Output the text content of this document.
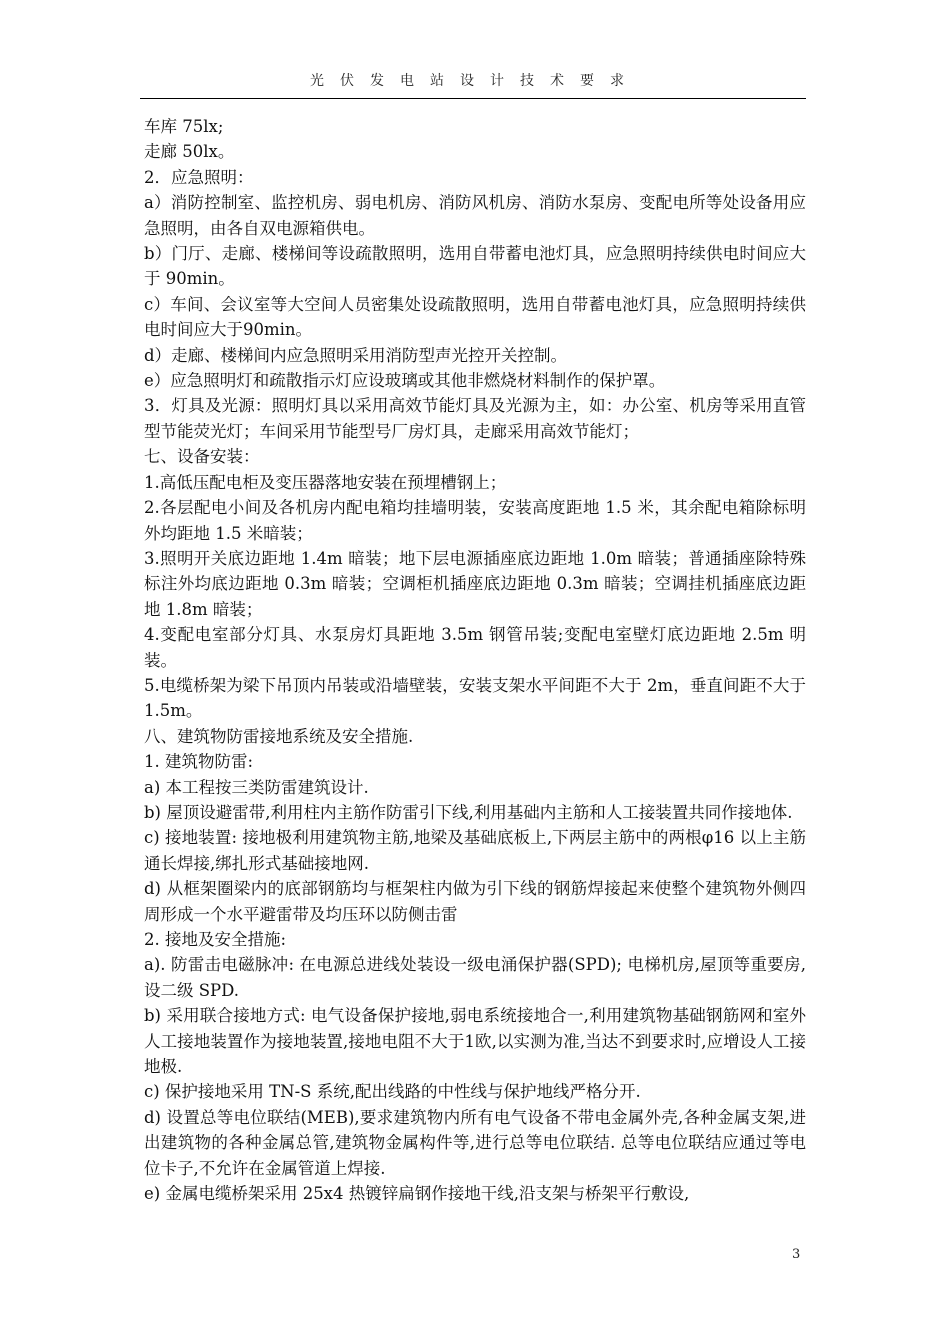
光伏发电站设计技术要求

车库 75lx;

走廊 50lx。

2．应急照明：

a）消防控制室、监控机房、弱电机房、消防风机房、消防水泵房、变配电所等处设备用应急照明，由各自双电源箱供电。

b）门厅、走廊、楼梯间等设疏散照明，选用自带蓄电池灯具，应急照明持续供电时间应大于 90min。

c）车间、会议室等大空间人员密集处设疏散照明，选用自带蓄电池灯具，应急照明持续供电时间应大于90min。

d）走廊、楼梯间内应急照明采用消防型声光控开关控制。

e）应急照明灯和疏散指示灯应设玻璃或其他非燃烧材料制作的保护罩。

3．灯具及光源：照明灯具以采用高效节能灯具及光源为主，如：办公室、机房等采用直管型节能荧光灯；车间采用节能型号厂房灯具，走廊采用高效节能灯；

七、设备安装：

1.高低压配电柜及变压器落地安装在预埋槽钢上；

2.各层配电小间及各机房内配电箱均挂墙明装，安装高度距地 1.5 米，其余配电箱除标明外均距地 1.5 米暗装；

3.照明开关底边距地 1.4m 暗装；地下层电源插座底边距地 1.0m 暗装；普通插座除特殊标注外均底边距地 0.3m 暗装；空调柜机插座底边距地 0.3m 暗装；空调挂机插座底边距地 1.8m 暗装；

4.变配电室部分灯具、水泵房灯具距地 3.5m 钢管吊装;变配电室壁灯底边距地 2.5m 明装。

5.电缆桥架为梁下吊顶内吊装或沿墙壁装，安装支架水平间距不大于 2m，垂直间距不大于 1.5m。

八、建筑物防雷接地系统及安全措施.

1. 建筑物防雷:

a) 本工程按三类防雷建筑设计.

b) 屋顶设避雷带,利用柱内主筋作防雷引下线,利用基础内主筋和人工接装置共同作接地体.

c) 接地装置: 接地极利用建筑物主筋,地梁及基础底板上,下两层主筋中的两根φ16 以上主筋通长焊接,绑扎形式基础接地网.

d) 从框架圈梁内的底部钢筋均与框架柱内做为引下线的钢筋焊接起来使整个建筑物外侧四周形成一个水平避雷带及均压环以防侧击雷

2. 接地及安全措施:

a). 防雷击电磁脉冲: 在电源总进线处装设一级电涌保护器(SPD); 电梯机房,屋顶等重要房,设二级 SPD.

b) 采用联合接地方式: 电气设备保护接地,弱电系统接地合一,利用建筑物基础钢筋网和室外人工接地装置作为接地装置,接地电阻不大于1欧,以实测为准,当达不到要求时,应增设人工接地极.

c) 保护接地采用 TN-S 系统,配出线路的中性线与保护地线严格分开.

d) 设置总等电位联结(MEB),要求建筑物内所有电气设备不带电金属外壳,各种金属支架,进出建筑物的各种金属总管,建筑物金属构件等,进行总等电位联结. 总等电位联结应通过等电位卡子,不允许在金属管道上焊接.

e) 金属电缆桥架采用 25x4 热镀锌扁钢作接地干线,沿支架与桥架平行敷设,

3
